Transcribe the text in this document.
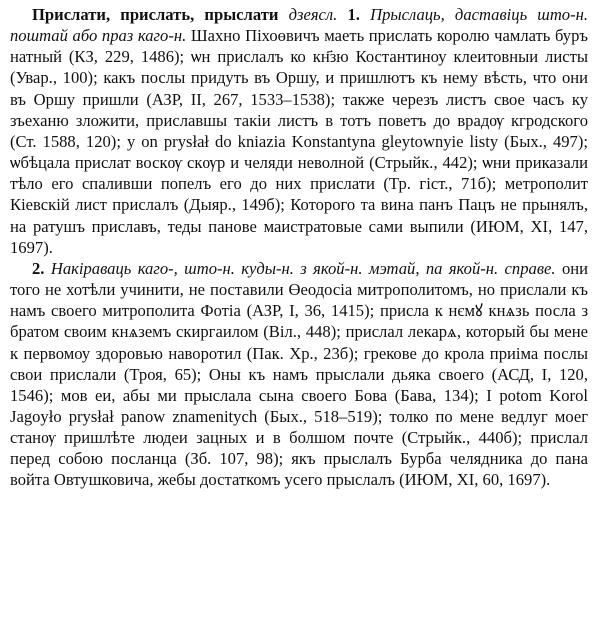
Прислати, прислать, прыслати дзеясл. 1. Прыслаць, даставіць што-н. поштай або праз каго-н. Шахно Піхоөвичъ маеть прислать королю чамлать буръ натный (КЗ, 229, 1486); ѡн прислалъ ко кн҃зю Костантиноу клеитовныи листы (Увар., 100); какъ послы придуть въ Оршу, и пришлютъ къ нему вѣсть, что они въ Оршу пришли (АЗР, II, 267, 1533–1538); также черезъ листъ свое часъ ку зъеханю зложити, приславшы такіи листъ в тотъ поветъ до врадѹ кгродского (Ст. 1588, 120); у on prysłał do kniazia Konstantyna gleytownyie listy (Бых., 497); ѡбѣцала прислат воскѹ скѹр и челяди неволной (Стрыйк., 442); ѡни приказали тѣло его спаливши попелъ его до них прислати (Тр. гіст., 71б); метрополит Кіевскій лист прислалъ (Дыяр., 149б); Которого та вина панъ Пацъ не прынялъ, на ратушъ приславъ, теды панове маистратовые сами выпили (ИЮМ, XI, 147, 1697).

2. Накіраваць каго-, што-н. куды-н. з якой-н. мэтай, па якой-н. справе. они того не хотѣли учинити, не поставили Өеодосіа митрополитомъ, но прислали къ намъ своего митрополита Фотіа (АЗР, I, 36, 1415); присла к нємꙋ кнѧзь посла з братом своим кнѧземъ скиргаилом (Віл., 448); прислал лекарѧ, который бы мене к первомоу здоровью наворотил (Пак. Хр., 23б); грекове до крола приіма послы свои прислали (Троя, 65); Оны къ намъ прыслали дьяка своего (АСД, I, 120, 1546); мов еи, абы ми прыслала сына своего Бова (Бава, 134); I potom Korol Jagoyło prysłał panow znamenitych (Бых., 518–519); толко по мене ведлуг моег станѹ пришлѣте людеи зацных и в болшом почте (Стрыйк., 440б); прислал перед собою посланца (Зб. 107, 98); якъ прыслалъ Бурба челядника до пана войта Овтушковича, жебы достаткомъ усего прыслалъ (ИЮМ, XI, 60, 1697).
